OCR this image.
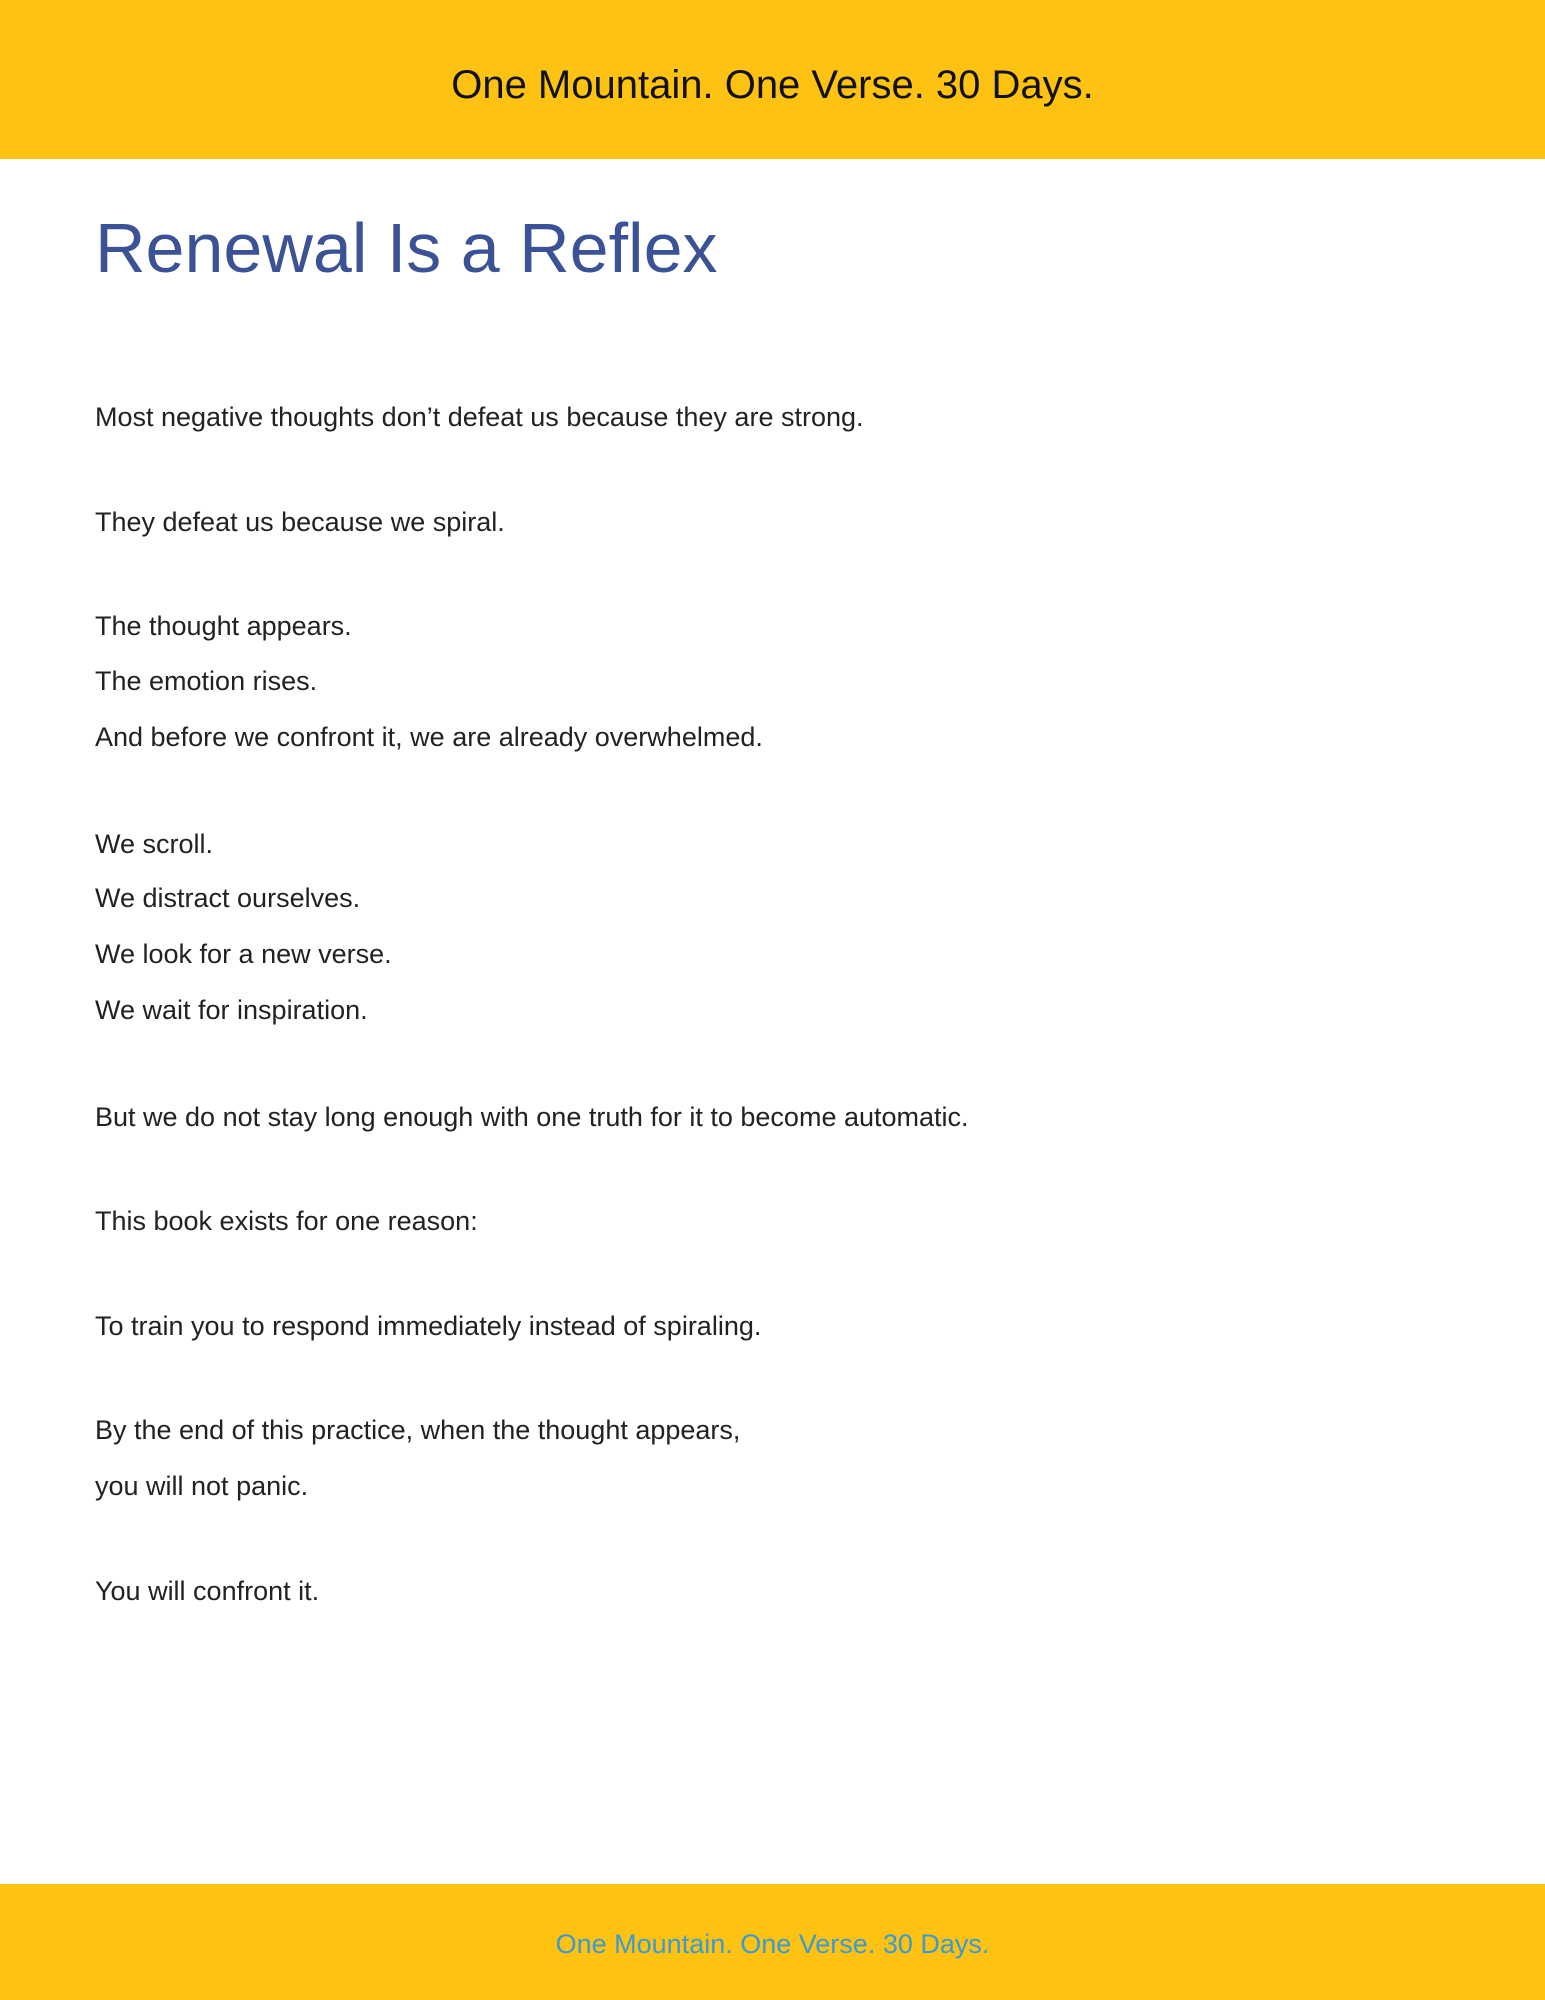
One Mountain. One Verse. 30 Days.
Renewal Is a Reflex

Most negative thoughts don’t defeat us because they are strong.

They defeat us because we spiral.

The thought appears.

The emotion rises.

And before we confront it, we are already overwhelmed.

We scroll.

We distract ourselves.

We look for a new verse.

We wait for inspiration.

But we do not stay long enough with one truth for it to become automatic.

This book exists for one reason:

To train you to respond immediately instead of spiraling.

By the end of this practice, when the thought appears,

you will not panic.

You will confront it.

One Mountain. One Verse. 30 Days.
